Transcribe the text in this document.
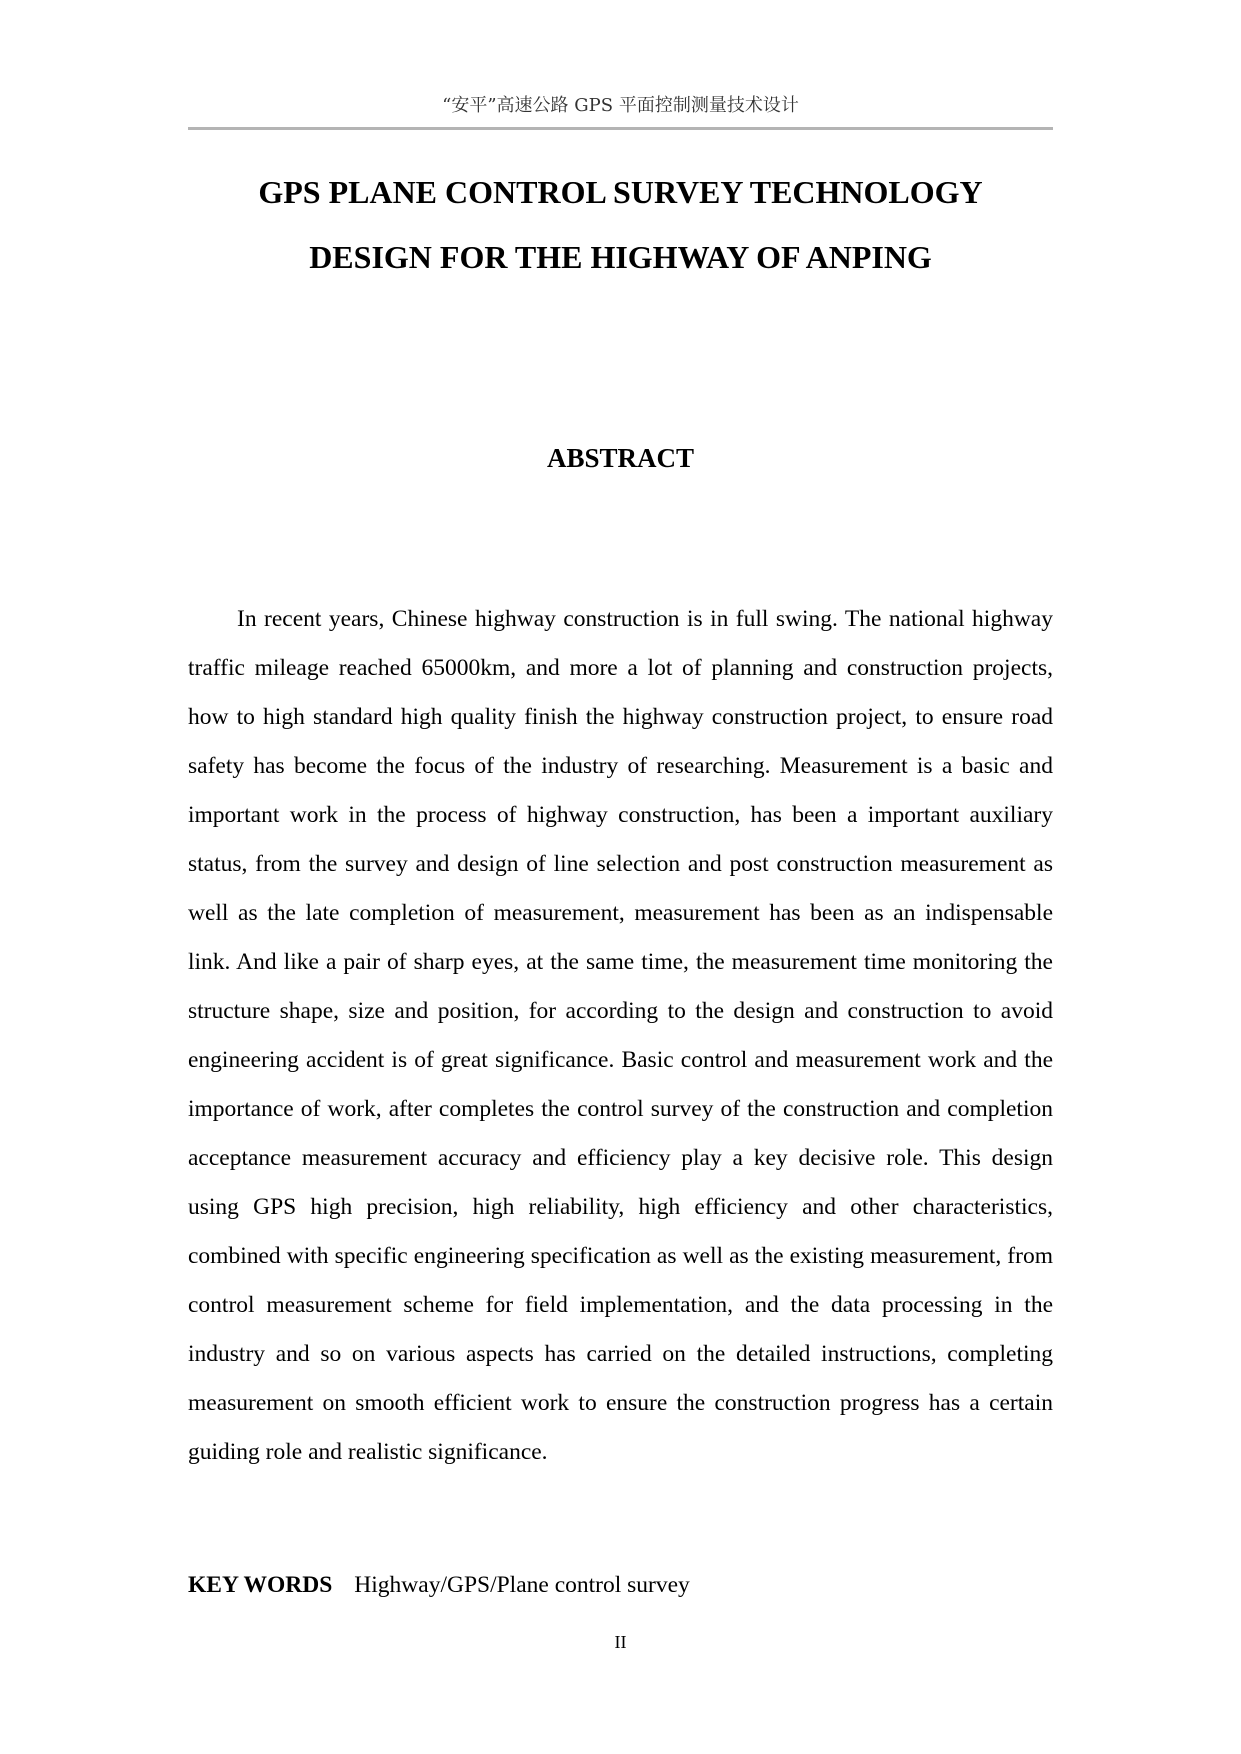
“安平”高速公路 GPS 平面控制测量技术设计
GPS PLANE CONTROL SURVEY TECHNOLOGY
DESIGN FOR THE HIGHWAY OF ANPING
ABSTRACT

In recent years, Chinese highway construction is in full swing. The national highway traffic mileage reached 65000km, and more a lot of planning and construction projects, how to high standard high quality finish the highway construction project, to ensure road safety has become the focus of the industry of researching. Measurement is a basic and important work in the process of highway construction, has been a important auxiliary status, from the survey and design of line selection and post construction measurement as well as the late completion of measurement, measurement has been as an indispensable link. And like a pair of sharp eyes, at the same time, the measurement time monitoring the structure shape, size and position, for according to the design and construction to avoid engineering accident is of great significance. Basic control and measurement work and the importance of work, after completes the control survey of the construction and completion acceptance measurement accuracy and efficiency play a key decisive role. This design using GPS high precision, high reliability, high efficiency and other characteristics, combined with specific engineering specification as well as the existing measurement, from control measurement scheme for field implementation, and the data processing in the industry and so on various aspects has carried on the detailed instructions, completing measurement on smooth efficient work to ensure the construction progress has a certain guiding role and realistic significance.

KEY WORDS Highway/GPS/Plane control survey

II
